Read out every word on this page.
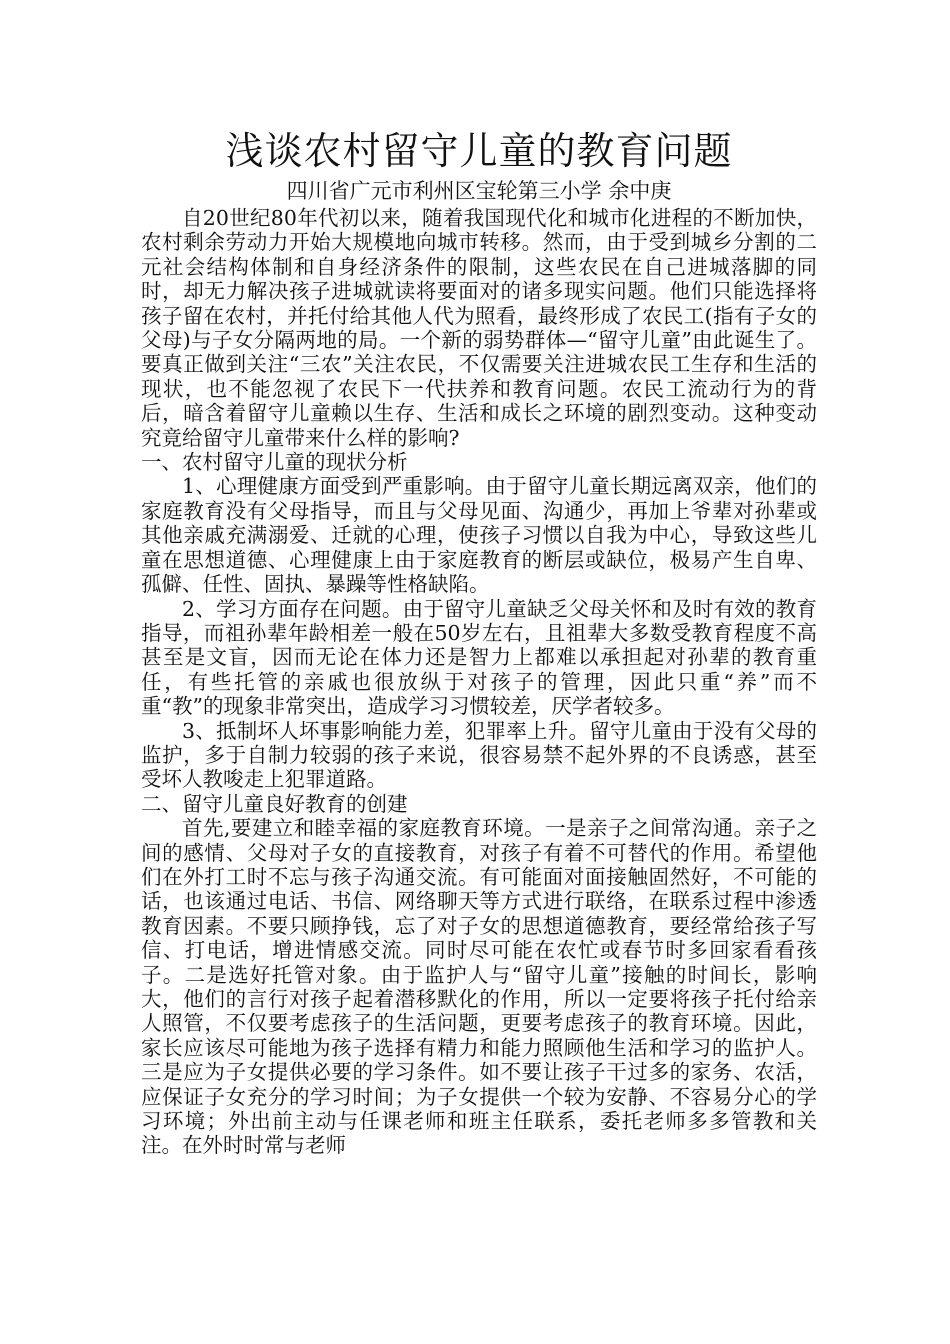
浅谈农村留守儿童的教育问题

四川省广元市利州区宝轮第三小学 余中庚

自20世纪80年代初以来，随着我国现代化和城市化进程的不断加快，农村剩余劳动力开始大规模地向城市转移。然而，由于受到城乡分割的二元社会结构体制和自身经济条件的限制，这些农民在自己进城落脚的同时，却无力解决孩子进城就读将要面对的诸多现实问题。他们只能选择将孩子留在农村，并托付给其他人代为照看，最终形成了农民工(指有子女的父母)与子女分隔两地的局。一个新的弱势群体—“留守儿童”由此诞生了。要真正做到关注“三农”关注农民，不仅需要关注进城农民工生存和生活的现状，也不能忽视了农民下一代扶养和教育问题。农民工流动行为的背后，暗含着留守儿童赖以生存、生活和成长之环境的剧烈变动。这种变动究竟给留守儿童带来什么样的影响?

一、农村留守儿童的现状分析

1、心理健康方面受到严重影响。由于留守儿童长期远离双亲，他们的家庭教育没有父母指导，而且与父母见面、沟通少，再加上爷辈对孙辈或其他亲戚充满溺爱、迁就的心理，使孩子习惯以自我为中心，导致这些儿童在思想道德、心理健康上由于家庭教育的断层或缺位，极易产生自卑、孤僻、任性、固执、暴躁等性格缺陷。

2、学习方面存在问题。由于留守儿童缺乏父母关怀和及时有效的教育指导，而祖孙辈年龄相差一般在50岁左右，且祖辈大多数受教育程度不高甚至是文盲，因而无论在体力还是智力上都难以承担起对孙辈的教育重任，有些托管的亲戚也很放纵于对孩子的管理，因此只重“养”而不重“教”的现象非常突出，造成学习习惯较差，厌学者较多。

3、抵制坏人坏事影响能力差，犯罪率上升。留守儿童由于没有父母的监护，多于自制力较弱的孩子来说，很容易禁不起外界的不良诱惑，甚至受坏人教唆走上犯罪道路。

二、留守儿童良好教育的创建

首先,要建立和睦幸福的家庭教育环境。一是亲子之间常沟通。亲子之间的感情、父母对子女的直接教育，对孩子有着不可替代的作用。希望他们在外打工时不忘与孩子沟通交流。有可能面对面接触固然好，不可能的话，也该通过电话、书信、网络聊天等方式进行联络，在联系过程中渗透教育因素。不要只顾挣钱，忘了对子女的思想道德教育，要经常给孩子写信、打电话，增进情感交流。同时尽可能在农忙或春节时多回家看看孩子。二是选好托管对象。由于监护人与“留守儿童”接触的时间长，影响大，他们的言行对孩子起着潜移默化的作用，所以一定要将孩子托付给亲人照管，不仅要考虑孩子的生活问题，更要考虑孩子的教育环境。因此，家长应该尽可能地为孩子选择有精力和能力照顾他生活和学习的监护人。三是应为子女提供必要的学习条件。如不要让孩子干过多的家务、农活，应保证子女充分的学习时间；为子女提供一个较为安静、不容易分心的学习环境；外出前主动与任课老师和班主任联系，委托老师多多管教和关注。在外时时常与老师
